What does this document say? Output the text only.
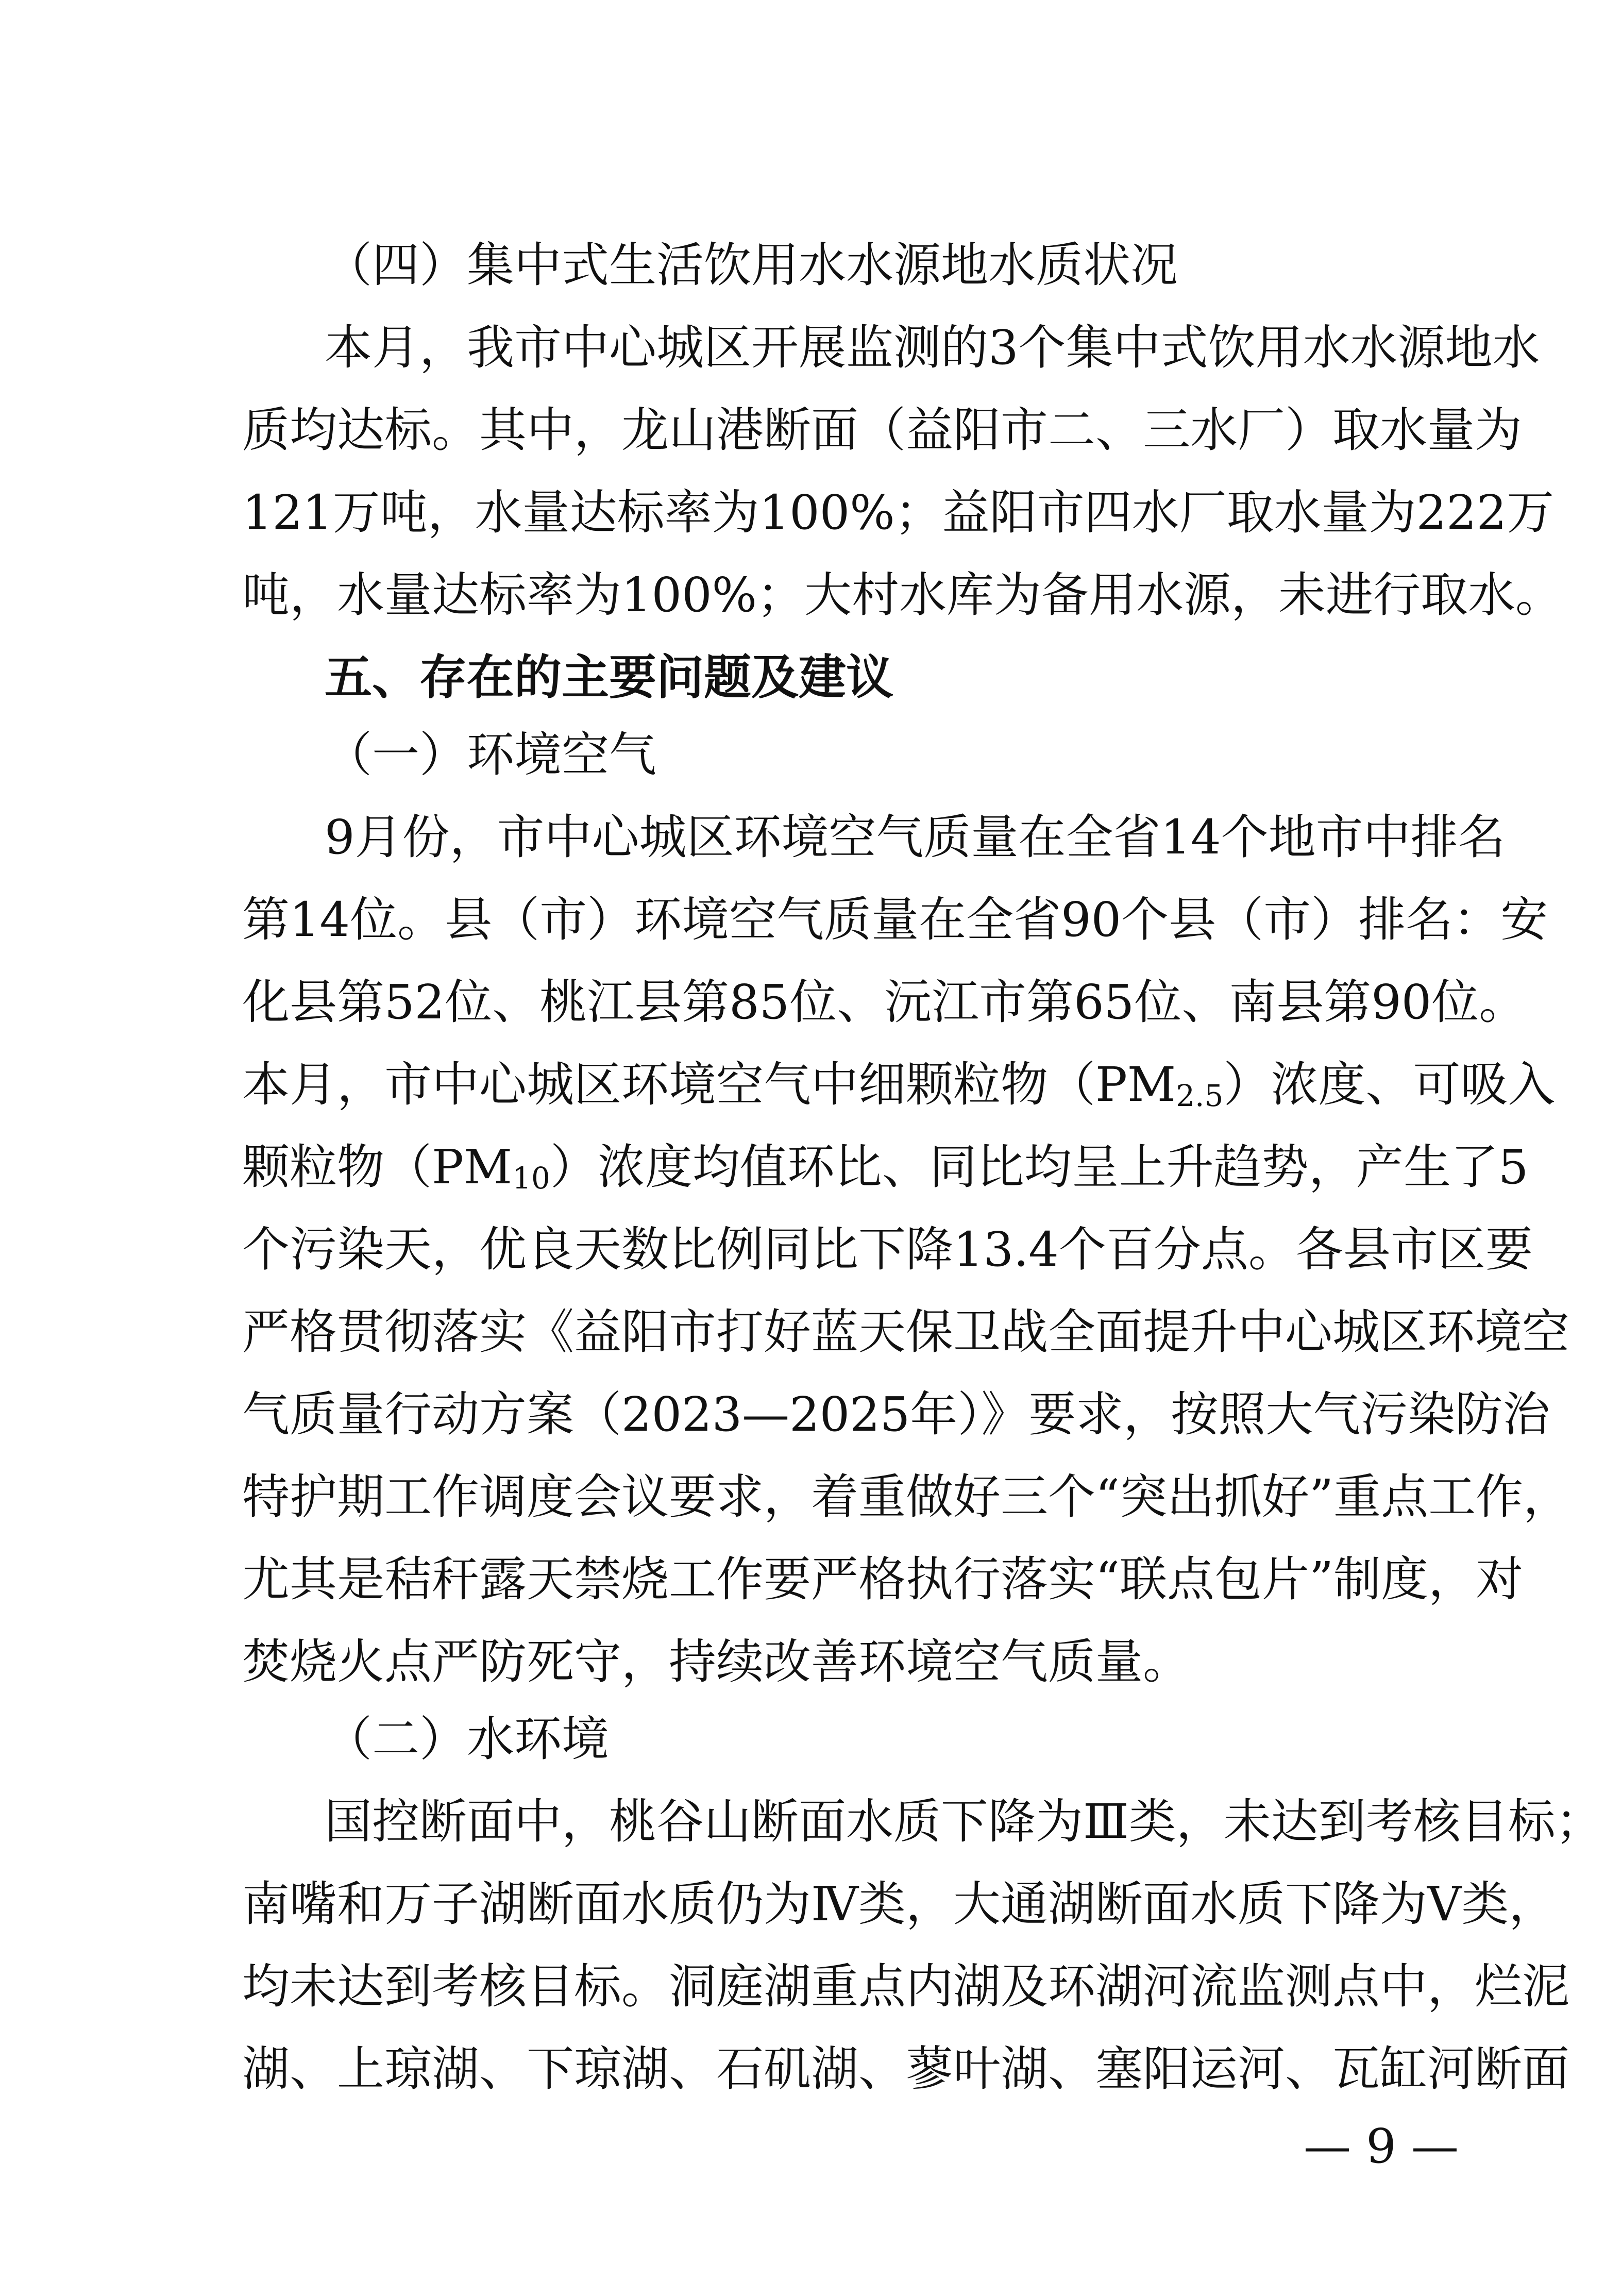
（四）集中式生活饮用水水源地水质状况
本月，我市中心城区开展监测的3个集中式饮用水水源地水
质均达标。其中，龙山港断面（益阳市二、三水厂）取水量为
121万吨，水量达标率为100%；益阳市四水厂取水量为222万
吨，水量达标率为100%；大村水库为备用水源，未进行取水。
五、存在的主要问题及建议
（一）环境空气
9月份，市中心城区环境空气质量在全省14个地市中排名
第14位。县（市）环境空气质量在全省90个县（市）排名：安
化县第52位、桃江县第85位、沅江市第65位、南县第90位。
本月，市中心城区环境空气中细颗粒物$(PM_{2.5})$浓度、可吸入
颗粒物$(PM_{10})$浓度均值环比、同比均呈上升趋势，产生了5
个污染天，优良天数比例同比下降13.4个百分点。各县市区要
严格贯彻落实《益阳市打好蓝天保卫战全面提升中心城区环境空
气质量行动方案（2023—2025年）》要求，按照大气污染防治
特护期工作调度会议要求，着重做好三个“突出抓好”重点工作，
尤其是秸秆露天禁烧工作要严格执行落实“联点包片”制度，对
焚烧火点严防死守，持续改善环境空气质量。
（二）水环境
国控断面中，桃谷山断面水质下降为Ⅲ类，未达到考核目标；
南嘴和万子湖断面水质仍为Ⅳ类，大通湖断面水质下降为Ⅴ类，
均未达到考核目标。洞庭湖重点内湖及环湖河流监测点中，烂泥
湖、上琼湖、下琼湖、石矶湖、蓼叶湖、塞阳运河、瓦缸河断面
— 9 —
